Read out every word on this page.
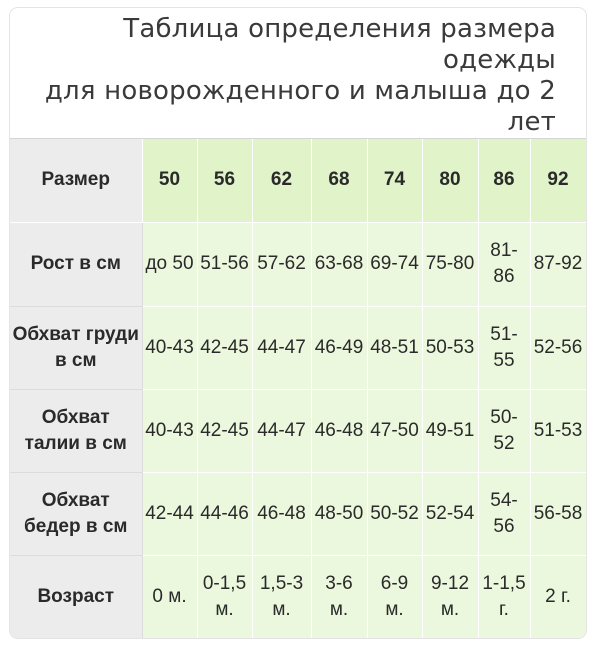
Таблица определения размера
одежды
для новорожденного и малыша до 2
лет
Размер	50	56	62	68	74	80	86	92
Рост в см	до 50	51-56	57-62	63-68	69-74	75-80	81-86	87-92
Обхват груди в см	40-43	42-45	44-47	46-49	48-51	50-53	51-55	52-56
Обхват талии в см	40-43	42-45	44-47	46-48	47-50	49-51	50-52	51-53
Обхват бедер в см	42-44	44-46	46-48	48-50	50-52	52-54	54-56	56-58
Возраст	0 м.	0-1,5 м.	1,5-3 м.	3-6 м.	6-9 м.	9-12 м.	1-1,5 г.	2 г.
